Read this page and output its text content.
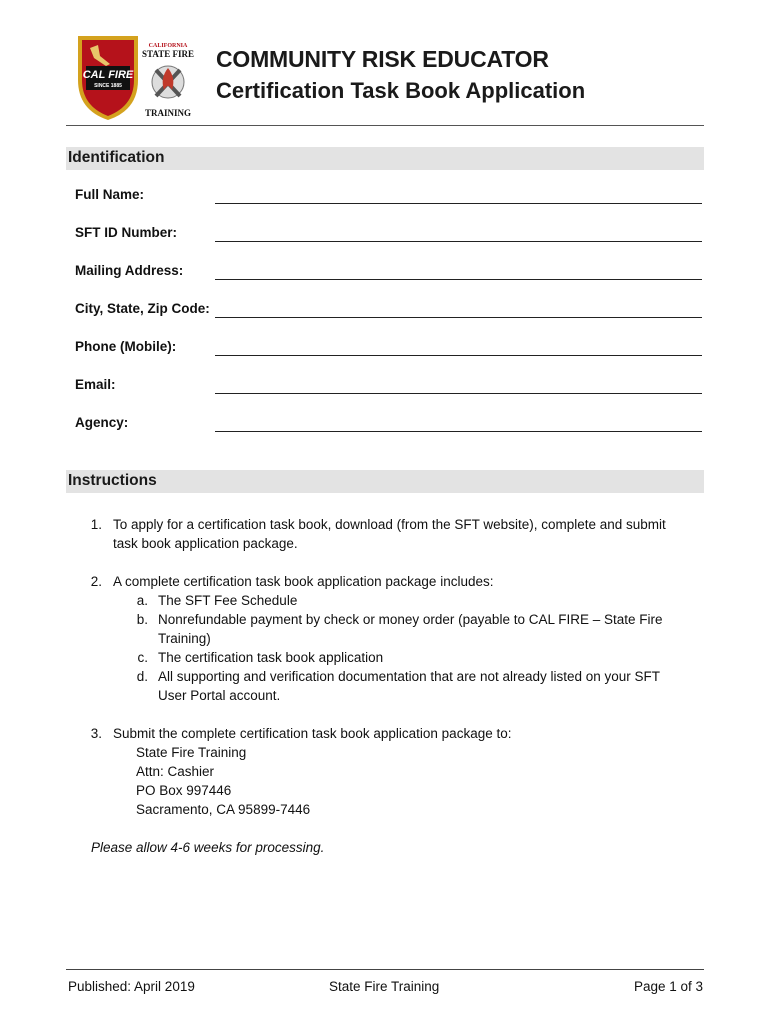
CAL FIRE
SINCE 1885
CALIFORNIA
STATE FIRE
TRAINING
COMMUNITY RISK EDUCATOR
Certification Task Book Application
Identification
Full Name:
SFT ID Number:
Mailing Address:
City, State, Zip Code:
Phone (Mobile):
Email:
Agency:
Instructions
1. To apply for a certification task book, download (from the SFT website), complete and submit
task book application package.
2. A complete certification task book application package includes:
a. The SFT Fee Schedule
b. Nonrefundable payment by check or money order (payable to CAL FIRE – State Fire
Training)
c. The certification task book application
d. All supporting and verification documentation that are not already listed on your SFT
User Portal account.
3. Submit the complete certification task book application package to:
State Fire Training
Attn: Cashier
PO Box 997446
Sacramento, CA 95899-7446
Please allow 4-6 weeks for processing.
Published: April 2019	State Fire Training	Page 1 of 3
